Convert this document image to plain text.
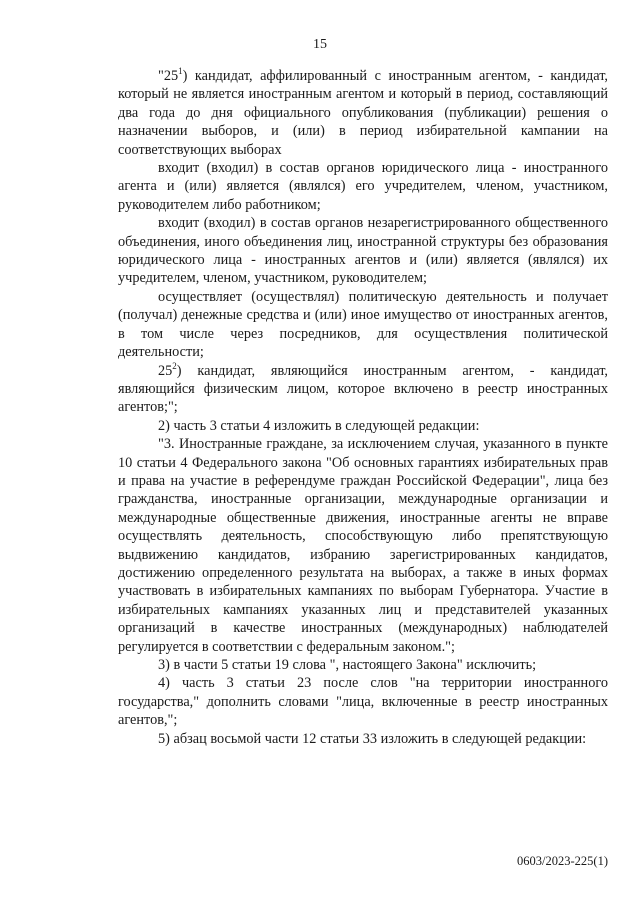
15

"$25^1$) кандидат, аффилированный с иностранным агентом, - кандидат, который не является иностранным агентом и который в период, составляющий два года до дня официального опубликования (публикации) решения о назначении выборов, и (или) в период избирательной кампании на соответствующих выборах

входит (входил) в состав органов юридического лица - иностранного агента и (или) является (являлся) его учредителем, членом, участником, руководителем либо работником;

входит (входил) в состав органов незарегистрированного общественного объединения, иного объединения лиц, иностранной структуры без образования юридического лица - иностранных агентов и (или) является (являлся) их учредителем, членом, участником, руководителем;

осуществляет (осуществлял) политическую деятельность и получает (получал) денежные средства и (или) иное имущество от иностранных агентов, в том числе через посредников, для осуществления политической деятельности;

$25^2$) кандидат, являющийся иностранным агентом, - кандидат, являющийся физическим лицом, которое включено в реестр иностранных агентов;";

2) часть 3 статьи 4 изложить в следующей редакции:

"3. Иностранные граждане, за исключением случая, указанного в пункте 10 статьи 4 Федерального закона "Об основных гарантиях избирательных прав и права на участие в референдуме граждан Российской Федерации", лица без гражданства, иностранные организации, международные организации и международные общественные движения, иностранные агенты не вправе осуществлять деятельность, способствующую либо препятствующую выдвижению кандидатов, избранию зарегистрированных кандидатов, достижению определенного результата на выборах, а также в иных формах участвовать в избирательных кампаниях по выборам Губернатора. Участие в избирательных кампаниях указанных лиц и представителей указанных организаций в качестве иностранных (международных) наблюдателей регулируется в соответствии с федеральным законом.";

3) в части 5 статьи 19 слова ", настоящего Закона" исключить;

4) часть 3 статьи 23 после слов "на территории иностранного государства," дополнить словами "лица, включенные в реестр иностранных агентов,";

5) абзац восьмой части 12 статьи 33 изложить в следующей редакции:

0603/2023-225(1)
